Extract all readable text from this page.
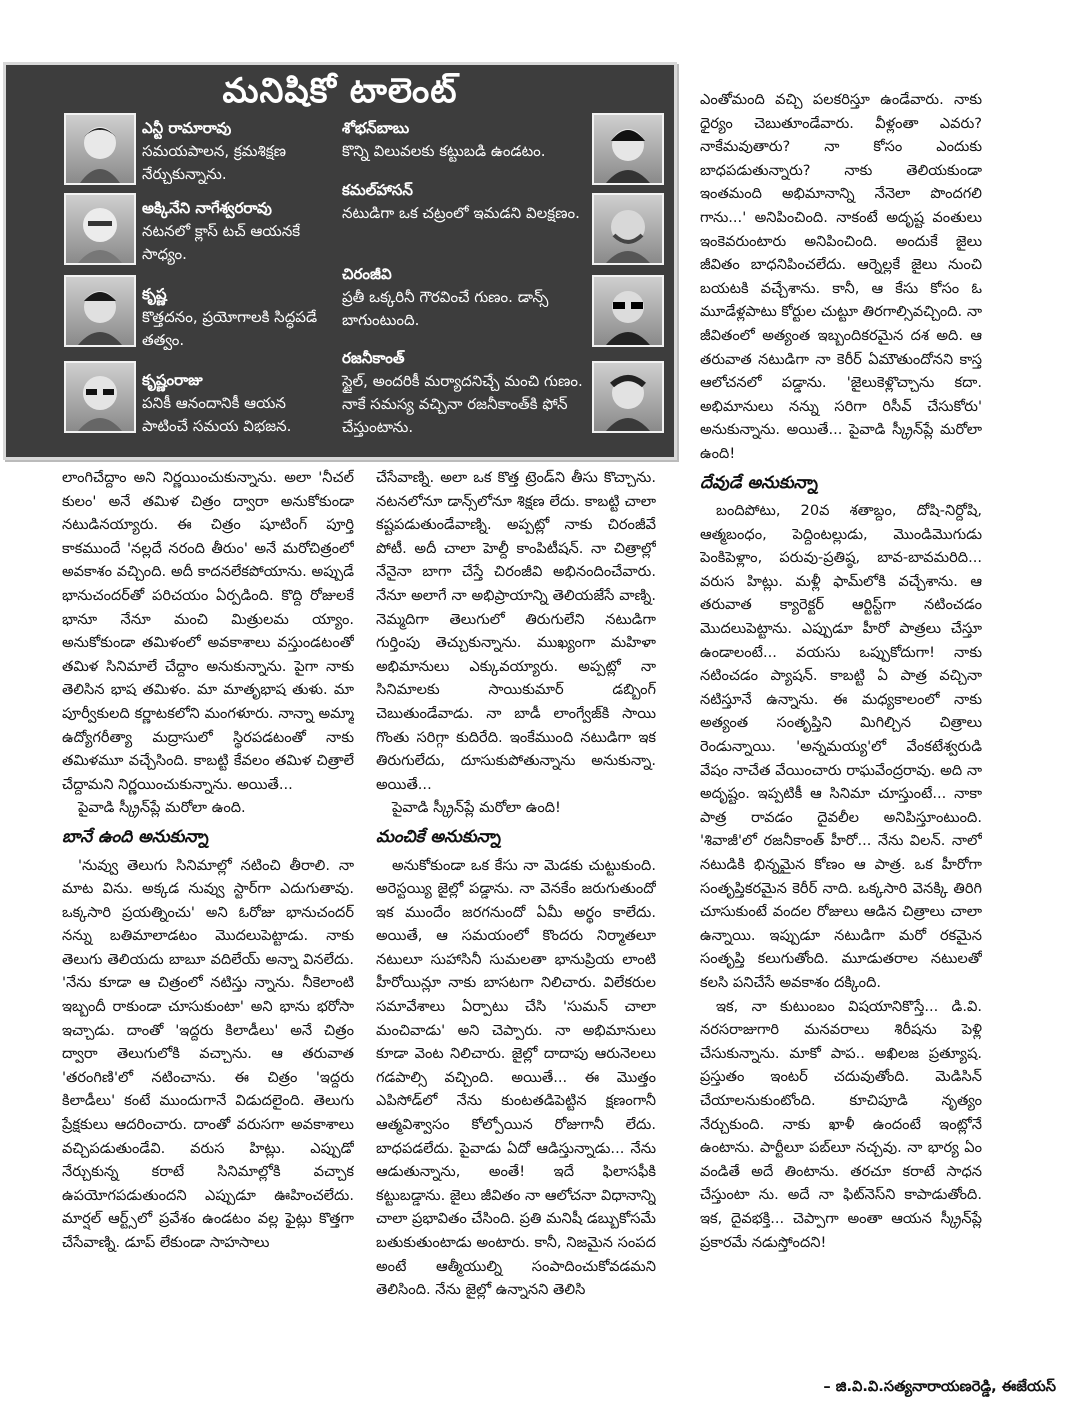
మనిషికో టాలెంట్
ఎన్టీ రామారావు
సమయపాలన, క్రమశిక్షణ నేర్చుకున్నాను.
శోభన్‌బాబు
కొన్ని విలువలకు కట్టుబడి ఉండటం.
అక్కినేని నాగేశ్వరరావు
నటనలో క్లాస్ టచ్ ఆయనకే సాధ్యం.
కమల్‌హాసన్
నటుడిగా ఒక చట్రంలో ఇమడని విలక్షణం.
కృష్ణ
కొత్తదనం, ప్రయోగాలకి సిద్ధపడే తత్వం.
చిరంజీవి
ప్రతీ ఒక్కరినీ గౌరవించే గుణం. డాన్స్ బాగుంటుంది.
కృష్ణంరాజు
పనికీ ఆనందానికీ ఆయన పాటించే సమయ విభజన.
రజనీకాంత్
స్టైల్, అందరికీ మర్యాదనిచ్చే మంచి గుణం. నాకే సమస్య వచ్చినా రజనీకాంత్‌కి ఫోన్ చేస్తుంటాను.

లాంగిచేద్దాం అని నిర్ణయించుకున్నాను. అలా 'నీచల్ కులం' అనే తమిళ చిత్రం ద్వారా అనుకోకుండా నటుడినయ్యారు. ఈ చిత్రం షూటింగ్ పూర్తి కాకముందే 'నల్లదే నరంది తీరుం' అనే మరోచిత్రంలో అవకాశం వచ్చింది. అదీ కాదనలేకపోయాను. అప్పుడే భానుచందర్‌తో పరిచయం ఏర్పడింది. కొద్ది రోజులకే భానూ నేనూ మంచి మిత్రులమ య్యాం. అనుకోకుండా తమిళంలో అవకాశాలు వస్తుండటంతో తమిళ సినిమాలే చేద్దాం అనుకున్నాను. పైగా నాకు తెలిసిన భాష తమిళం. మా మాతృభాష తుళు. మా పూర్వీకులది కర్ణాటకలోని మంగళూరు. నాన్నా అమ్మా ఉద్యోగరీత్యా మద్రాసులో స్థిరపడటంతో నాకు తమిళమూ వచ్చేసింది. కాబట్టి కేవలం తమిళ చిత్రాలే చేద్దామని నిర్ణయించుకున్నాను. అయితే...

పైవాడి స్క్రీన్‌ప్లే మరోలా ఉంది.

బానే ఉంది అనుకున్నా

'నువ్వు తెలుగు సినిమాల్లో నటించి తీరాలి. నా మాట విను. అక్కడ నువ్వు స్టార్‌గా ఎదుగుతావు. ఒక్కసారి ప్రయత్నించు' అని ఓరోజు భానుచందర్ నన్ను బతిమాలాడటం మొదలుపెట్టాడు. నాకు తెలుగు తెలియదు బాబూ వదిలేయ్ అన్నా వినలేదు. 'నేను కూడా ఆ చిత్రంలో నటిస్తు న్నాను. నీకెలాంటి ఇబ్బందీ రాకుండా చూసుకుంటా' అని భాను భరోసా ఇచ్చాడు. దాంతో 'ఇద్దరు కిలాడీలు' అనే చిత్రం ద్వారా తెలుగులోకి వచ్చాను. ఆ తరువాత 'తరంగిణి'లో నటించాను. ఈ చిత్రం 'ఇద్దరు కిలాడీలు' కంటే ముందుగానే విడుదలైంది. తెలుగు ప్రేక్షకులు ఆదరించారు. దాంతో వరుసగా అవకాశాలు వచ్చిపడుతుండేవి. వరుస హిట్లు. ఎప్పుడో నేర్చుకున్న కరాటే సినిమాల్లోకి వచ్చాక ఉపయోగపడుతుందని ఎప్పుడూ ఊహించలేదు. మార్షల్ ఆర్ట్స్‌లో ప్రవేశం ఉండటం వల్ల ఫైట్లు కొత్తగా చేసేవాణ్ని. డూప్ లేకుండా సాహసాలు

చేసేవాణ్ని. అలా ఒక కొత్త ట్రెండ్‌ని తీసు కొచ్చాను. నటనలోనూ డాన్స్‌లోనూ శిక్షణ లేదు. కాబట్టి చాలా కష్టపడుతుండేవాణ్ని. అప్పట్లో నాకు చిరంజీవే పోటీ. అదీ చాలా హెల్దీ కాంపిటీషన్. నా చిత్రాల్లో నేనైనా బాగా చేస్తే చిరంజీవి అభినందించేవారు. నేనూ అలాగే నా అభిప్రాయాన్ని తెలియజేసే వాణ్ని. నెమ్మదిగా తెలుగులో తిరుగులేని నటుడిగా గుర్తింపు తెచ్చుకున్నాను. ముఖ్యంగా మహిళా అభిమానులు ఎక్కువయ్యారు. అప్పట్లో నా సినిమాలకు సాయికుమార్ డబ్బింగ్ చెబుతుండేవాడు. నా బాడీ లాంగ్వేజ్‌కి సాయి గొంతు సరిగ్గా కుదిరేది. ఇంకేముంది నటుడిగా ఇక తిరుగులేదు, దూసుకుపోతున్నాను అనుకున్నా. అయితే...

పైవాడి స్క్రీన్‌ప్లే మరోలా ఉంది!

మంచికే అనుకున్నా

అనుకోకుండా ఒక కేసు నా మెడకు చుట్టుకుంది. అరెస్టయ్యి జైల్లో పడ్డాను. నా వెనకేం జరుగుతుందో ఇక ముందేం జరగనుందో ఏమీ అర్థం కాలేదు. అయితే, ఆ సమయంలో కొందరు నిర్మాతలూ నటులూ సుహాసినీ సుమలతా భానుప్రియ లాంటి హీరోయిన్లూ నాకు బాసటగా నిలిచారు. విలేకరుల సమావేశాలు ఏర్పాటు చేసి 'సుమన్ చాలా మంచివాడు' అని చెప్పారు. నా అభిమానులు కూడా వెంట నిలిచారు. జైల్లో దాదాపు ఆరునెలలు గడపాల్సి వచ్చింది. అయితే... ఈ మొత్తం ఎపిసోడ్‌లో నేను కుంటతడిపెట్టిన క్షణంగానీ ఆత్మవిశ్వాసం కోల్పోయిన రోజుగానీ లేదు. బాధపడలేదు. పైవాడు ఏదో ఆడిస్తున్నాడు... నేను ఆడుతున్నాను, అంతే! ఇదే ఫిలాసఫీకి కట్టుబడ్డాను. జైలు జీవితం నా ఆలోచనా విధానాన్ని చాలా ప్రభావితం చేసింది. ప్రతి మనిషీ డబ్బుకోసమే బతుకుతుంటాడు అంటారు. కానీ, నిజమైన సంపద అంటే ఆత్మీయుల్ని సంపాదించుకోవడమని తెలిసింది. నేను జైల్లో ఉన్నానని తెలిసి

ఎంతోమంది వచ్చి పలకరిస్తూ ఉండేవారు. నాకు ధైర్యం చెబుతూండేవారు. వీళ్లంతా ఎవరు? నాకేమవుతారు? నా కోసం ఎందుకు బాధపడుతున్నారు? నాకు తెలియకుండా ఇంతమంది అభిమానాన్ని నేనెలా పొందగలి గాను...' అనిపించింది. నాకంటే అదృష్ట వంతులు ఇంకెవరుంటారు అనిపించింది. అందుకే జైలు జీవితం బాధనిపించలేదు. ఆర్నెల్లకే జైలు నుంచి బయటకి వచ్చేశాను. కానీ, ఆ కేసు కోసం ఓ మూడేళ్లపాటు కోర్టుల చుట్టూ తిరగాల్సివచ్చింది. నా జీవితంలో అత్యంత ఇబ్బందికరమైన దశ అది. ఆ తరువాత నటుడిగా నా కెరీర్ ఏమౌతుందోనని కాస్త ఆలోచనలో పడ్డాను. 'జైలుకెళ్లొచ్చాను కదా. అభిమానులు నన్ను సరిగా రిసీవ్ చేసుకోరు' అనుకున్నాను. అయితే... పైవాడి స్క్రీన్‌ప్లే మరోలా ఉంది!

దేవుడే అనుకున్నా

బందిపోటు, 20వ శతాబ్దం, దోషి-నిర్దోషి, ఆత్మబంధం, పెద్దింటల్లుడు, మొండిమొగుడు పెంకిపెళ్లాం, పరువు-ప్రతిష్ఠ, బావ-బావమరిది... వరుస హిట్లు. మళ్లీ ఫామ్‌లోకి వచ్చేశాను. ఆ తరువాత క్యారెక్టర్ ఆర్టిస్ట్‌గా నటించడం మొదలుపెట్టాను. ఎప్పుడూ హీరో పాత్రలు చేస్తూ ఉండాలంటే... వయసు ఒప్పుకోదుగా! నాకు నటించడం ప్యాషన్. కాబట్టి ఏ పాత్ర వచ్చినా నటిస్తూనే ఉన్నాను. ఈ మధ్యకాలంలో నాకు అత్యంత సంతృప్తిని మిగిల్చిన చిత్రాలు రెండున్నాయి. 'అన్నమయ్య'లో వేంకటేశ్వరుడి వేషం నాచేత వేయించారు రాఘవేంద్రరావు. అది నా అదృష్టం. ఇప్పటికీ ఆ సినిమా చూస్తుంటే... నాకా పాత్ర రావడం దైవలీల అనిపిస్తూంటుంది. 'శివాజీ'లో రజనీకాంత్ హీరో... నేను విలన్. నాలో నటుడికి భిన్నమైన కోణం ఆ పాత్ర. ఒక హీరోగా సంతృప్తికరమైన కెరీర్ నాది. ఒక్కసారి వెనక్కి తిరిగి చూసుకుంటే వందల రోజులు ఆడిన చిత్రాలు చాలా ఉన్నాయి. ఇప్పుడూ నటుడిగా మరో రకమైన సంతృప్తి కలుగుతోంది. మూడుతరాల నటులతో కలసి పనిచేసే అవకాశం దక్కింది.

ఇక, నా కుటుంబం విషయానికొస్తే... డి.వి. నరసరాజుగారి మనవరాలు శిరీషను పెళ్లి చేసుకున్నాను. మాకో పాప.. అఖిలజ ప్రత్యూష. ప్రస్తుతం ఇంటర్ చదువుతోంది. మెడిసిన్ చేయాలనుకుంటోంది. కూచిపూడి నృత్యం నేర్చుకుంది. నాకు ఖాళీ ఉందంటే ఇంట్లోనే ఉంటాను. పార్టీలూ పబ్‌లూ నచ్చవు. నా భార్య ఏం వండితే అదే తింటాను. తరచూ కరాటే సాధన చేస్తుంటా ను. అదే నా ఫిట్‌నెస్‌ని కాపాడుతోంది. ఇక, దైవభక్తి... చెప్పాగా అంతా ఆయన స్క్రీన్‌ప్లే ప్రకారమే నడుస్తోందని!

– జి.వి.వి.సత్యనారాయణరెడ్డి, ఈజేయస్
